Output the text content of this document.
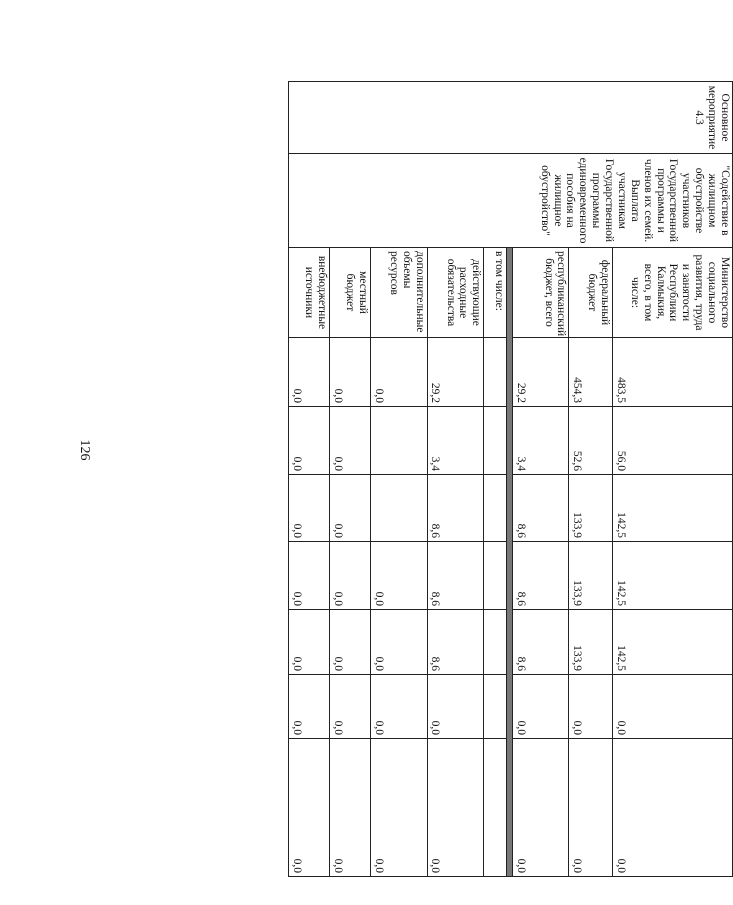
126
Основное мероприятие 4.3	"Содействие в жилищном обустройстве участников Государственной программы и членов их семей. Выплата участникам Государственной программы единовременного пособия на жилищное обустройство"	Министерство социального развития, труда и занятости Республики Калмыкия, всего, в том числе:	483,5	56,0	142,5	142,5	142,5	0,0	0,0
		федеральный бюджет	454,3	52,6	133,9	133,9	133,9	0,0	0,0
		республиканский бюджет, всего	29,2	3,4	8,6	8,6	8,6	0,0	0,0

		в том числе:							
		действующие расходные обязательства	29,2	3,4	8,6	8,6	8,6	0,0	0,0
		дополнительные объемы ресурсов	0,0			0,0	0,0	0,0	0,0
		местный бюджет	0,0	0,0	0,0	0,0	0,0	0,0	0,0
		внебюджетные источники	0,0	0,0	0,0	0,0	0,0	0,0	0,0
